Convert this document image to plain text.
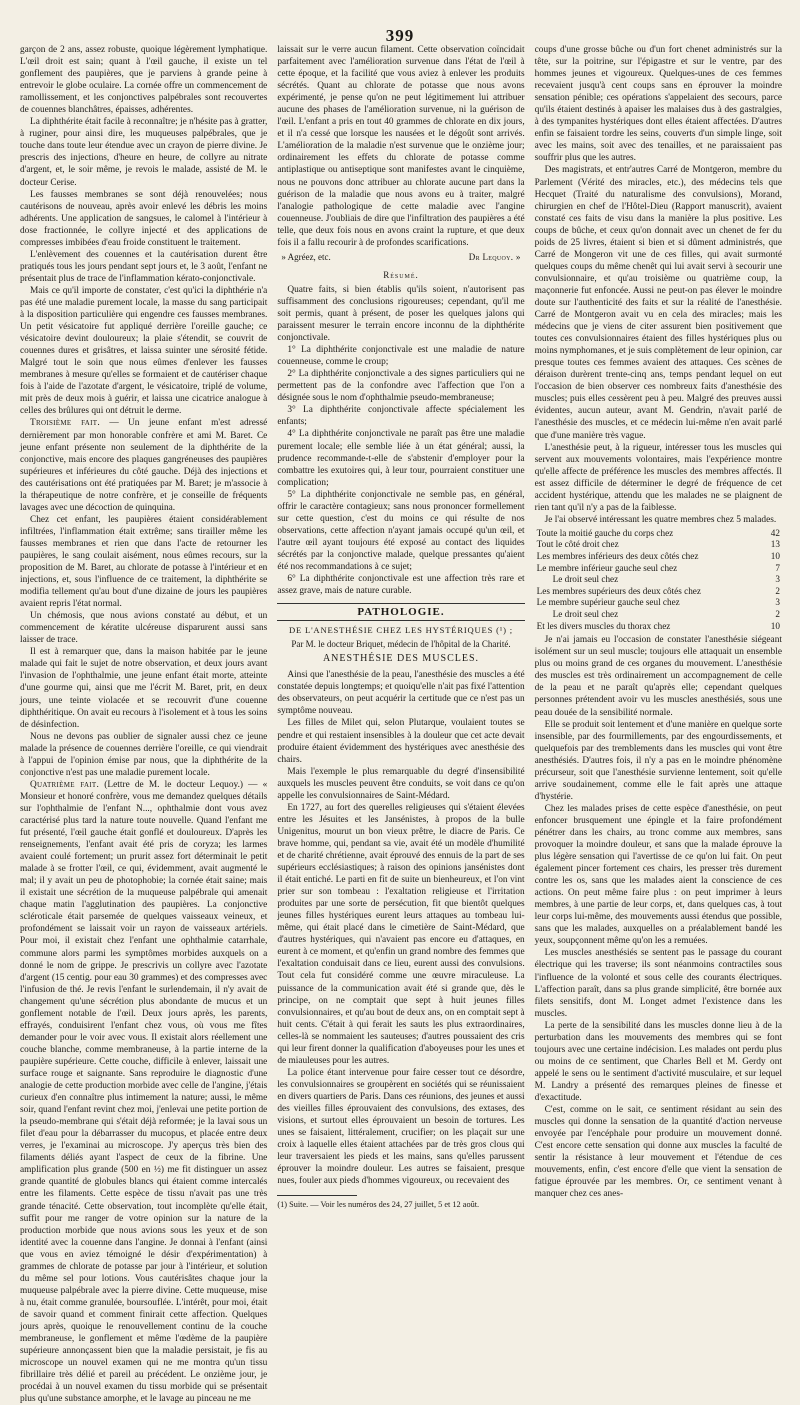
399

garçon de 2 ans, assez robuste, quoique légèrement lymphatique. L'œil droit est sain; quant à l'œil gauche, il existe un tel gonflement des paupières, que je parviens à grande peine à entrevoir le globe oculaire. La cornée offre un commencement de ramollissement, et les conjonctives palpébrales sont recouvertes de couennes blanchâtres, épaisses, adhérentes.

La diphthérite était facile à reconnaître; je n'hésite pas à gratter, à ruginer, pour ainsi dire, les muqueuses palpébrales, que je touche dans toute leur étendue avec un crayon de pierre divine. Je prescris des injections, d'heure en heure, de collyre au nitrate d'argent, et, le soir même, je revois le malade, assisté de M. le docteur Cerise.

Les fausses membranes se sont déjà renouvelées; nous cautérisons de nouveau, après avoir enlevé les débris les moins adhérents. Une application de sangsues, le calomel à l'intérieur à dose fractionnée, le collyre injecté et des applications de compresses imbibées d'eau froide constituent le traitement.

L'enlèvement des couennes et la cautérisation durent être pratiqués tous les jours pendant sept jours et, le 3 août, l'enfant ne présentait plus de trace de l'inflammation kérato-conjonctivale.

Mais ce qu'il importe de constater, c'est qu'ici la diphthérie n'a pas été une maladie purement locale, la masse du sang participait à la disposition particulière qui engendre ces fausses membranes. Un petit vésicatoire fut appliqué derrière l'oreille gauche; ce vésicatoire devint douloureux; la plaie s'étendit, se couvrit de couennes dures et grisâtres, et laissa suinter une sérosité fétide. Malgré tout le soin que nous eûmes d'enlever les fausses membranes à mesure qu'elles se formaient et de cautériser chaque fois à l'aide de l'azotate d'argent, le vésicatoire, triplé de volume, mit près de deux mois à guérir, et laissa une cicatrice analogue à celles des brûlures qui ont détruit le derme.

Troisième fait. — Un jeune enfant m'est adressé dernièrement par mon honorable confrère et ami M. Baret. Ce jeune enfant présente non seulement de la diphthérite de la conjonctive, mais encore des plaques gangréneuses des paupières supérieures et inférieures du côté gauche. Déjà des injections et des cautérisations ont été pratiquées par M. Baret; je m'associe à la thérapeutique de notre confrère, et je conseille de fréquents lavages avec une décoction de quinquina.

Chez cet enfant, les paupières étaient considérablement infiltrées, l'inflammation était extrême; sans tirailler même les fausses membranes et rien que dans l'acte de retourner les paupières, le sang coulait aisément, nous eûmes recours, sur la proposition de M. Baret, au chlorate de potasse à l'intérieur et en injections, et, sous l'influence de ce traitement, la diphthérite se modifia tellement qu'au bout d'une dizaine de jours les paupières avaient repris l'état normal.

Un chémosis, que nous avions constaté au début, et un commencement de kératite ulcéreuse disparurent aussi sans laisser de trace.

Il est à remarquer que, dans la maison habitée par le jeune malade qui fait le sujet de notre observation, et deux jours avant l'invasion de l'ophthalmie, une jeune enfant était morte, atteinte d'une gourme qui, ainsi que me l'écrit M. Baret, prit, en deux jours, une teinte violacée et se recouvrit d'une couenne diphthéritique. On avait eu recours à l'isolement et à tous les soins de désinfection.

Nous ne devons pas oublier de signaler aussi chez ce jeune malade la présence de couennes derrière l'oreille, ce qui viendrait à l'appui de l'opinion émise par nous, que la diphthérite de la conjonctive n'est pas une maladie purement locale.

Quatrième fait. (Lettre de M. le docteur Lequoy.) — « Monsieur et honoré confrère, vous me demandez quelques détails sur l'ophthalmie de l'enfant N..., ophthalmie dont vous avez caractérisé plus tard la nature toute nouvelle. Quand l'enfant me fut présenté, l'œil gauche était gonflé et douloureux. D'après les renseignements, l'enfant avait été pris de coryza; les larmes avaient coulé fortement; un prurit assez fort déterminait le petit malade à se frotter l'œil, ce qui, évidemment, avait augmenté le mal; il y avait un peu de photophobie; la cornée était saine; mais il existait une sécrétion de la muqueuse palpébrale qui amenait chaque matin l'agglutination des paupières. La conjonctive scléroticale était parsemée de quelques vaisseaux veineux, et profondément se laissait voir un rayon de vaisseaux artériels. Pour moi, il existait chez l'enfant une ophthalmie catarrhale, commune alors parmi les symptômes morbides auxquels on a donné le nom de grippe. Je prescrivis un collyre avec l'azotate d'argent (15 centig. pour eau 30 grammes) et des compresses avec l'infusion de thé. Je revis l'enfant le surlendemain, il n'y avait de changement qu'une sécrétion plus abondante de mucus et un gonflement notable de l'œil. Deux jours après, les parents, effrayés, conduisirent l'enfant chez vous, où vous me fîtes demander pour le voir avec vous. Il existait alors réellement une couche blanche, comme membraneuse, à la partie interne de la paupière supérieure. Cette couche, difficile à enlever, laissait une surface rouge et saignante. Sans reproduire le diagnostic d'une analogie de cette production morbide avec celle de l'angine, j'étais curieux d'en connaître plus intimement la nature; aussi, le même soir, quand l'enfant revint chez moi, j'enlevai une petite portion de la pseudo-membrane qui s'était déjà reformée; je la lavai sous un filet d'eau pour la débarrasser du mucopus, et placée entre deux verres, je l'examinai au microscope. J'y aperçus très bien des filaments déliés ayant l'aspect de ceux de la fibrine. Une amplification plus grande (500 en ½) me fit distinguer un assez grande quantité de globules blancs qui étaient comme intercalés entre les filaments. Cette espèce de tissu n'avait pas une très grande ténacité. Cette observation, tout incomplète qu'elle était, suffit pour me ranger de votre opinion sur la nature de la production morbide que nous avions sous les yeux et de son identité avec la couenne dans l'angine. Je donnai à l'enfant (ainsi que vous en aviez témoigné le désir d'expérimentation) à grammes de chlorate de potasse par jour à l'intérieur, et solution du même sel pour lotions. Vous cautérisâtes chaque jour la muqueuse palpébrale avec la pierre divine. Cette muqueuse, mise à nu, était comme granulée, boursouflée. L'intérêt, pour moi, était de savoir quand et comment finirait cette affection. Quelques jours après, quoique le renouvellement continu de la couche membraneuse, le gonflement et même l'œdème de la paupière supérieure annonçassent bien que la maladie persistait, je fis au microscope un nouvel examen qui ne me montra qu'un tissu fibrillaire très délié et pareil au précédent. Le onzième jour, je procédai à un nouvel examen du tissu morbide qui se présentait plus qu'une substance amorphe, et le lavage au pinceau ne me

laissait sur le verre aucun filament. Cette observation coïncidait parfaitement avec l'amélioration survenue dans l'état de l'œil à cette époque, et la facilité que vous aviez à enlever les produits sécrétés. Quant au chlorate de potasse que nous avons expérimenté, je pense qu'on ne peut légitimement lui attribuer aucune des phases de l'amélioration survenue, ni la guérison de l'œil. L'enfant a pris en tout 40 grammes de chlorate en dix jours, et il n'a cessé que lorsque les nausées et le dégoût sont arrivés. L'amélioration de la maladie n'est survenue que le onzième jour; ordinairement les effets du chlorate de potasse comme antiplastique ou antiseptique sont manifestes avant le cinquième, nous ne pouvons donc attribuer au chlorate aucune part dans la guérison de la maladie que nous avons eu à traiter, malgré l'analogie pathologique de cette maladie avec l'angine couenneuse. J'oubliais de dire que l'infiltration des paupières a été telle, que deux fois nous en avons craint la rupture, et que deux fois il a fallu recourir à de profondes scarifications.

» Agréez, etc.	Dr Lequoy. »
Résumé.

Quatre faits, si bien établis qu'ils soient, n'autorisent pas suffisamment des conclusions rigoureuses; cependant, qu'il me soit permis, quant à présent, de poser les quelques jalons qui paraissent mesurer le terrain encore inconnu de la diphthérite conjonctivale.

1° La diphthérite conjonctivale est une maladie de nature couenneuse, comme le croup;

2° La diphthérite conjonctivale a des signes particuliers qui ne permettent pas de la confondre avec l'affection que l'on a désignée sous le nom d'ophthalmie pseudo-membraneuse;

3° La diphthérite conjonctivale affecte spécialement les enfants;

4° La diphthérite conjonctivale ne paraît pas être une maladie purement locale; elle semble liée à un état général; aussi, la prudence recommande-t-elle de s'abstenir d'employer pour la combattre les exutoires qui, à leur tour, pourraient constituer une complication;

5° La diphthérite conjonctivale ne semble pas, en général, offrir le caractère contagieux; sans nous prononcer formellement sur cette question, c'est du moins ce qui résulte de nos observations, cette affection n'ayant jamais occupé qu'un œil, et l'autre œil ayant toujours été exposé au contact des liquides sécrétés par la conjonctive malade, quelque pressantes qu'aient été nos recommandations à ce sujet;

6° La diphthérite conjonctivale est une affection très rare et assez grave, mais de nature curable.

PATHOLOGIE.
DE L'ANESTHÉSIE CHEZ LES HYSTÉRIQUES (¹) ;
Par M. le docteur Briquet, médecin de l'hôpital de la Charité.
ANESTHÉSIE DES MUSCLES.

Ainsi que l'anesthésie de la peau, l'anesthésie des muscles a été constatée depuis longtemps; et quoiqu'elle n'ait pas fixé l'attention des observateurs, on peut acquérir la certitude que ce n'est pas un symptôme nouveau.

Les filles de Milet qui, selon Plutarque, voulaient toutes se pendre et qui restaient insensibles à la douleur que cet acte devait produire étaient évidemment des hystériques avec anesthésie des chairs.

Mais l'exemple le plus remarquable du degré d'insensibilité auxquels les muscles peuvent être conduits, se voit dans ce qu'on appelle les convulsionnaires de Saint-Médard.

En 1727, au fort des querelles religieuses qui s'étaient élevées entre les Jésuites et les Jansénistes, à propos de la bulle Unigenitus, mourut un bon vieux prêtre, le diacre de Paris. Ce brave homme, qui, pendant sa vie, avait été un modèle d'humilité et de charité chrétienne, avait éprouvé des ennuis de la part de ses supérieurs ecclésiastiques; à raison des opinions jansénistes dont il était entiché. Le parti en fit de suite un bienheureux, et l'on vint prier sur son tombeau : l'exaltation religieuse et l'irritation produites par une sorte de persécution, fit que bientôt quelques jeunes filles hystériques eurent leurs attaques au tombeau lui-même, qui était placé dans le cimetière de Saint-Médard, que d'autres hystériques, qui n'avaient pas encore eu d'attaques, en eurent à ce moment, et qu'enfin un grand nombre des femmes que l'exaltation conduisait dans ce lieu, eurent aussi des convulsions. Tout cela fut considéré comme une œuvre miraculeuse. La puissance de la communication avait été si grande que, dès le principe, on ne comptait que sept à huit jeunes filles convulsionnaires, et qu'au bout de deux ans, on en comptait sept à huit cents. C'était à qui ferait les sauts les plus extraordinaires, celles-là se nommaient les sauteuses; d'autres poussaient des cris qui leur firent donner la qualification d'aboyeuses pour les unes et de miauleuses pour les autres.

La police étant intervenue pour faire cesser tout ce désordre, les convulsionnaires se groupèrent en sociétés qui se réunissaient en divers quartiers de Paris. Dans ces réunions, des jeunes et aussi des vieilles filles éprouvaient des convulsions, des extases, des visions, et surtout elles éprouvaient un besoin de tortures. Les unes se faisaient, littéralement, crucifier; on les plaçait sur une croix à laquelle elles étaient attachées par de très gros clous qui leur traversaient les pieds et les mains, sans qu'elles parussent éprouver la moindre douleur. Les autres se faisaient, presque nues, fouler aux pieds d'hommes vigoureux, ou recevaient des

(1) Suite. — Voir les numéros des 24, 27 juillet, 5 et 12 août.

coups d'une grosse bûche ou d'un fort chenet administrés sur la tête, sur la poitrine, sur l'épigastre et sur le ventre, par des hommes jeunes et vigoureux. Quelques-unes de ces femmes recevaient jusqu'à cent coups sans en éprouver la moindre sensation pénible; ces opérations s'appelaient des secours, parce qu'ils étaient destinés à apaiser les malaises dus à des gastralgies, à des tympanites hystériques dont elles étaient affectées. D'autres enfin se faisaient tordre les seins, couverts d'un simple linge, soit avec les mains, soit avec des tenailles, et ne paraissaient pas souffrir plus que les autres.

Des magistrats, et entr'autres Carré de Montgeron, membre du Parlement (Vérité des miracles, etc.), des médecins tels que Hecquet (Traité du naturalisme des convulsions), Morand, chirurgien en chef de l'Hôtel-Dieu (Rapport manuscrit), avaient constaté ces faits de visu dans la manière la plus positive. Les coups de bûche, et ceux qu'on donnait avec un chenet de fer du poids de 25 livres, étaient si bien et si dûment administrés, que Carré de Mongeron vit une de ces filles, qui avait surmonté quelques coups du même chenêt qui lui avait servi à secourir une convulsionnaire, et qu'au troisième ou quatrième coup, la maçonnerie fut enfoncée. Aussi ne peut-on pas élever le moindre doute sur l'authenticité des faits et sur la réalité de l'anesthésie. Carré de Montgeron avait vu en cela des miracles; mais les médecins que je viens de citer assurent bien positivement que toutes ces convulsionnaires étaient des filles hystériques plus ou moins nymphomanes, et je suis complètement de leur opinion, car presque toutes ces femmes avaient des attaques. Ces scènes de déraison durèrent trente-cinq ans, temps pendant lequel on eut l'occasion de bien observer ces nombreux faits d'anesthésie des muscles; puis elles cessèrent peu à peu. Malgré des preuves aussi évidentes, aucun auteur, avant M. Gendrin, n'avait parlé de l'anesthésie des muscles, et ce médecin lui-même n'en avait parlé que d'une manière très vague.

L'anesthésie peut, à la rigueur, intéresser tous les muscles qui servent aux mouvements volontaires, mais l'expérience montre qu'elle affecte de préférence les muscles des membres affectés. Il est assez difficile de déterminer le degré de fréquence de cet accident hystérique, attendu que les malades ne se plaignent de rien tant qu'il n'y a pas de la faiblesse.

Je l'ai observé intéressant les quatre membres chez 5 malades.

Toute la moitié gauche du corps chez	42
Tout le côté droit chez	13
Les membres inférieurs des deux côtés chez	10
Le membre inférieur gauche seul chez	7
Le droit seul chez	3
Les membres supérieurs des deux côtés chez	2
Le membre supérieur gauche seul chez	3
Le droit seul chez	2
Et les divers muscles du thorax chez	10

Je n'ai jamais eu l'occasion de constater l'anesthésie siégeant isolément sur un seul muscle; toujours elle attaquait un ensemble plus ou moins grand de ces organes du mouvement. L'anesthésie des muscles est très ordinairement un accompagnement de celle de la peau et ne paraît qu'après elle; cependant quelques personnes prétendent avoir vu les muscles anesthésiés, sous une peau douée de la sensibilité normale.

Elle se produit soit lentement et d'une manière en quelque sorte insensible, par des fourmillements, par des engourdissements, et quelquefois par des tremblements dans les muscles qui vont être anesthésiés. D'autres fois, il n'y a pas en le moindre phénomène précurseur, soit que l'anesthésie survienne lentement, soit qu'elle arrive soudainement, comme elle le fait après une attaque d'hystérie.

Chez les malades prises de cette espèce d'anesthésie, on peut enfoncer brusquement une épingle et la faire profondément pénétrer dans les chairs, au tronc comme aux membres, sans provoquer la moindre douleur, et sans que la malade éprouve la plus légère sensation qui l'avertisse de ce qu'on lui fait. On peut également pincer fortement ces chairs, les presser très durement contre les os, sans que les malades aient la conscience de ces actions. On peut même faire plus : on peut imprimer à leurs membres, à une partie de leur corps, et, dans quelques cas, à tout leur corps lui-même, des mouvements aussi étendus que possible, sans que les malades, auxquelles on a préalablement bandé les yeux, soupçonnent même qu'on les a remuées.

Les muscles anesthésiés se sentent pas le passage du courant électrique qui les traverse; ils sont néanmoins contractiles sous l'influence de la volonté et sous celle des courants électriques. L'affection paraît, dans sa plus grande simplicité, être bornée aux filets sensitifs, dont M. Longet admet l'existence dans les muscles.

La perte de la sensibilité dans les muscles donne lieu à de la perturbation dans les mouvements des membres qui se font toujours avec une certaine indécision. Les malades ont perdu plus ou moins de ce sentiment, que Charles Bell et M. Gerdy ont appelé le sens ou le sentiment d'activité musculaire, et sur lequel M. Landry a présenté des remarques pleines de finesse et d'exactitude.

C'est, comme on le sait, ce sentiment résidant au sein des muscles qui donne la sensation de la quantité d'action nerveuse envoyée par l'encéphale pour produire un mouvement donné. C'est encore cette sensation qui donne aux muscles la faculté de sentir la résistance à leur mouvement et l'étendue de ces mouvements, enfin, c'est encore d'elle que vient la sensation de fatigue éprouvée par les membres. Or, ce sentiment venant à manquer chez ces anes-
